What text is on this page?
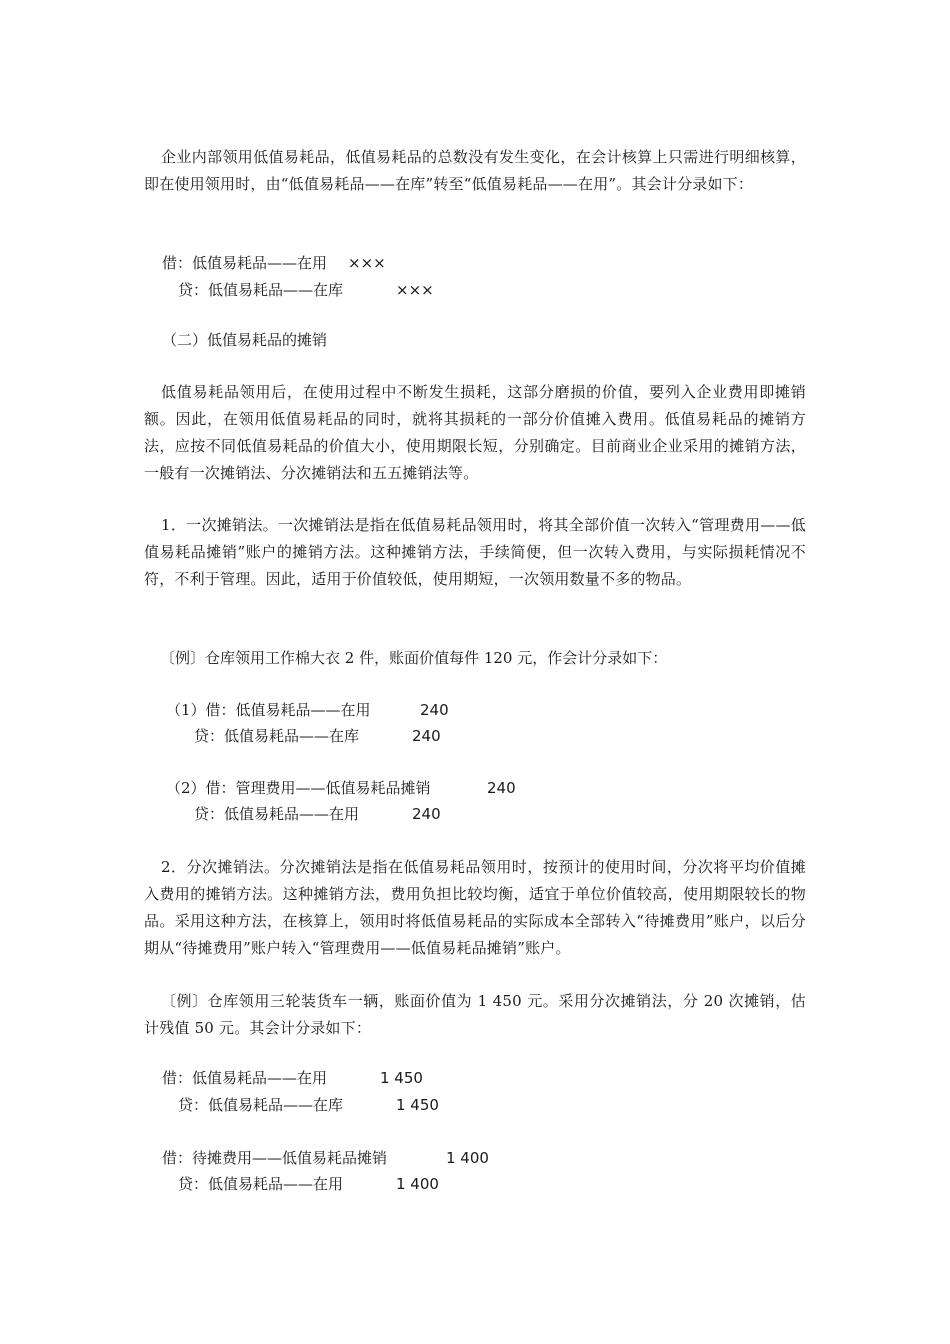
企业内部领用低值易耗品，低值易耗品的总数没有发生变化，在会计核算上只需进行明细核算，即在使用领用时，由“低值易耗品——在库”转至“低值易耗品——在用”。其会计分录如下：

借：低值易耗品——在用 ×××
贷：低值易耗品——在库	×××
（二）低值易耗品的摊销

低值易耗品领用后，在使用过程中不断发生损耗，这部分磨损的价值，要列入企业费用即摊销额。因此，在领用低值易耗品的同时，就将其损耗的一部分价值摊入费用。低值易耗品的摊销方法，应按不同低值易耗品的价值大小，使用期限长短，分别确定。目前商业企业采用的摊销方法，一般有一次摊销法、分次摊销法和五五摊销法等。

1．一次摊销法。一次摊销法是指在低值易耗品领用时，将其全部价值一次转入“管理费用——低值易耗品摊销”账户的摊销方法。这种摊销方法，手续简便，但一次转入费用，与实际损耗情况不符，不利于管理。因此，适用于价值较低，使用期短，一次领用数量不多的物品。

〔例〕仓库领用工作棉大衣 2 件，账面价值每件 120 元，作会计分录如下：
（1）借：低值易耗品——在用	240
贷：低值易耗品——在库	240
（2）借：管理费用——低值易耗品摊销	240
贷：低值易耗品——在用	240

2．分次摊销法。分次摊销法是指在低值易耗品领用时，按预计的使用时间，分次将平均价值摊入费用的摊销方法。这种摊销方法，费用负担比较均衡，适宜于单位价值较高，使用期限较长的物品。采用这种方法，在核算上，领用时将低值易耗品的实际成本全部转入“待摊费用”账户，以后分期从“待摊费用”账户转入“管理费用——低值易耗品摊销”账户。

〔例〕仓库领用三轮装货车一辆，账面价值为 1 450 元。采用分次摊销法，分 20 次摊销，估计残值 50 元。其会计分录如下：

借：低值易耗品——在用	1 450
贷：低值易耗品——在库	1 450
借：待摊费用——低值易耗品摊销	1 400
贷：低值易耗品——在用	1 400
